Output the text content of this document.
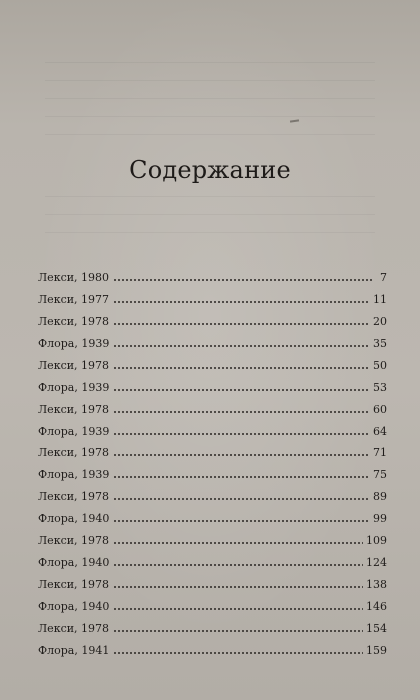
Содержание
Лекси, 1980	7
Лекси, 1977	11
Лекси, 1978	20
Флора, 1939	35
Лекси, 1978	50
Флора, 1939	53
Лекси, 1978	60
Флора, 1939	64
Лекси, 1978	71
Флора, 1939	75
Лекси, 1978	89
Флора, 1940	99
Лекси, 1978	109
Флора, 1940	124
Лекси, 1978	138
Флора, 1940	146
Лекси, 1978	154
Флора, 1941	159
